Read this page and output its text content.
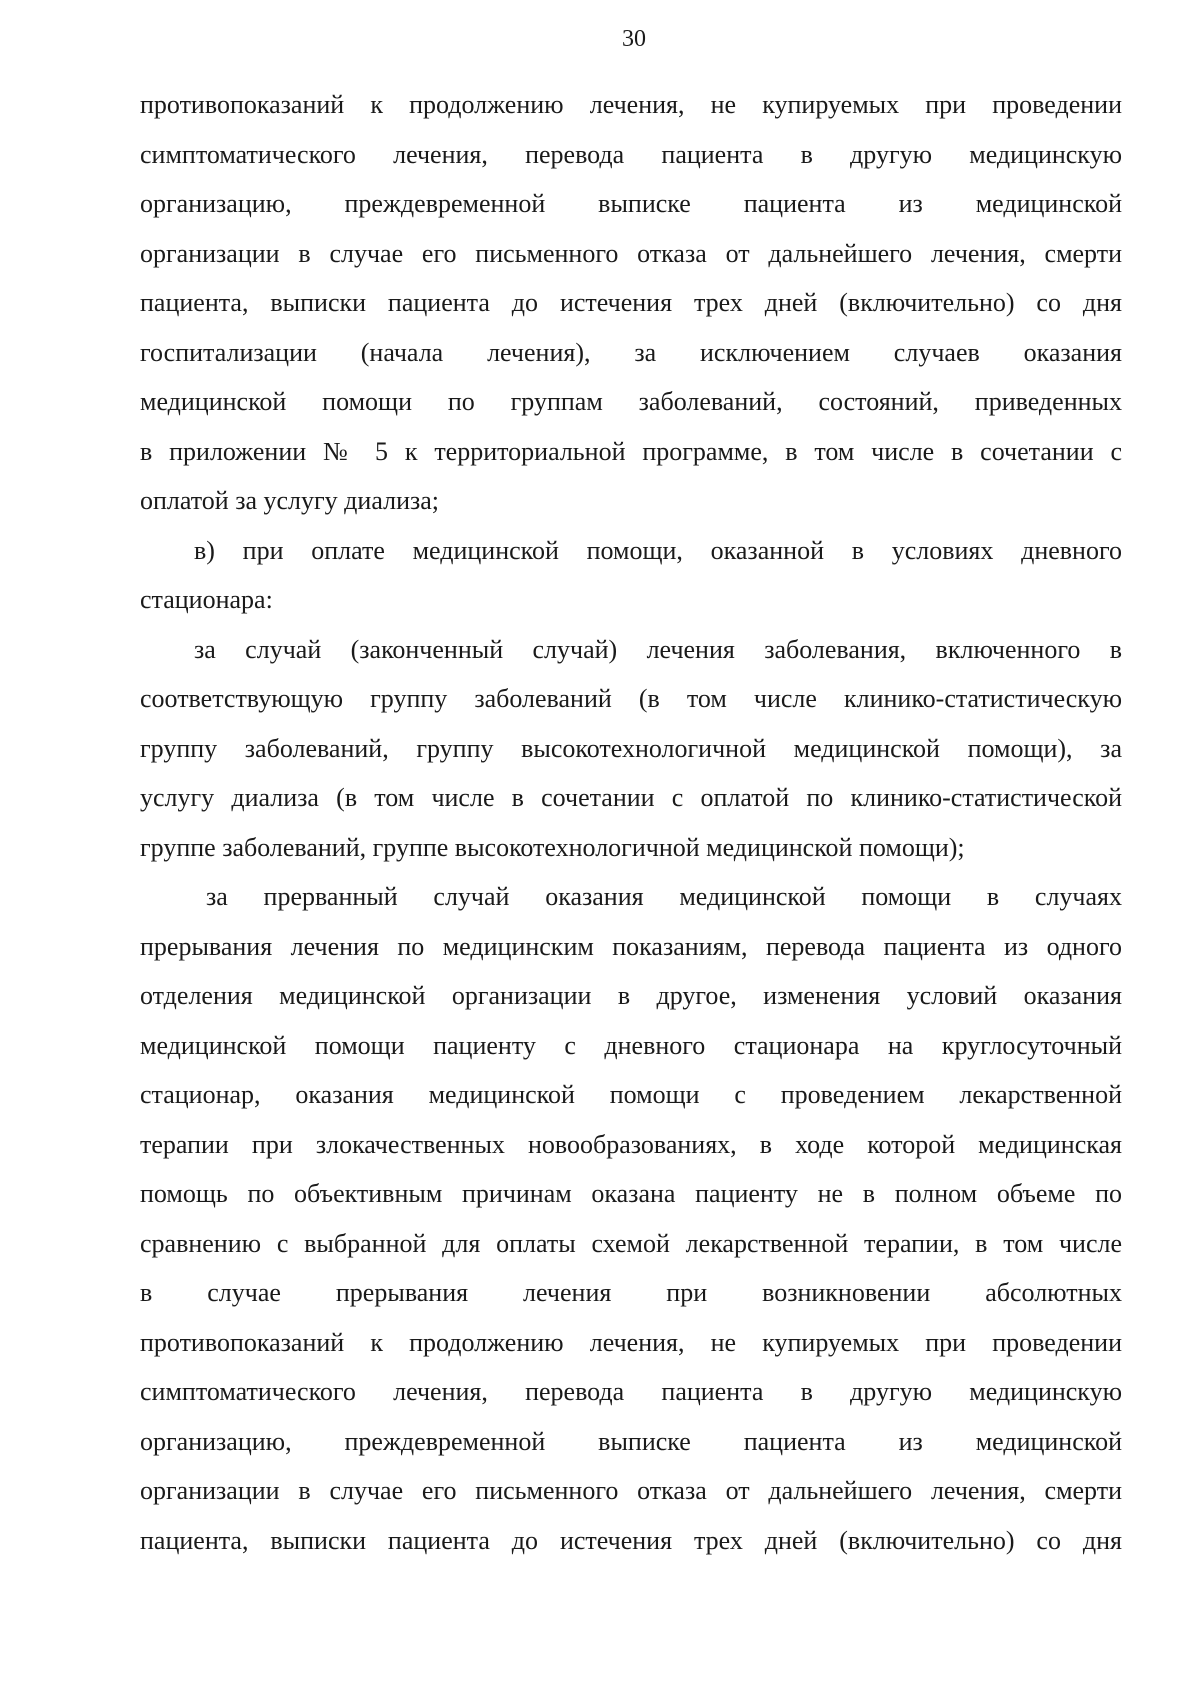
30
противопоказаний к продолжению лечения, не купируемых при проведении
симптоматического лечения, перевода пациента в другую медицинскую
организацию, преждевременной выписке пациента из медицинской
организации в случае его письменного отказа от дальнейшего лечения, смерти
пациента, выписки пациента до истечения трех дней (включительно) со дня
госпитализации (начала лечения), за исключением случаев оказания
медицинской помощи по группам заболеваний, состояний, приведенных
в приложении № 5 к территориальной программе, в том числе в сочетании с
оплатой за услугу диализа;
в) при оплате медицинской помощи, оказанной в условиях дневного
стационара:
за случай (законченный случай) лечения заболевания, включенного в
соответствующую группу заболеваний (в том числе клинико-статистическую
группу заболеваний, группу высокотехнологичной медицинской помощи), за
услугу диализа (в том числе в сочетании с оплатой по клинико-статистической
группе заболеваний, группе высокотехнологичной медицинской помощи);
за прерванный случай оказания медицинской помощи в случаях
прерывания лечения по медицинским показаниям, перевода пациента из одного
отделения медицинской организации в другое, изменения условий оказания
медицинской помощи пациенту с дневного стационара на круглосуточный
стационар, оказания медицинской помощи с проведением лекарственной
терапии при злокачественных новообразованиях, в ходе которой медицинская
помощь по объективным причинам оказана пациенту не в полном объеме по
сравнению с выбранной для оплаты схемой лекарственной терапии, в том числе
в случае прерывания лечения при возникновении абсолютных
противопоказаний к продолжению лечения, не купируемых при проведении
симптоматического лечения, перевода пациента в другую медицинскую
организацию, преждевременной выписке пациента из медицинской
организации в случае его письменного отказа от дальнейшего лечения, смерти
пациента, выписки пациента до истечения трех дней (включительно) со дня
